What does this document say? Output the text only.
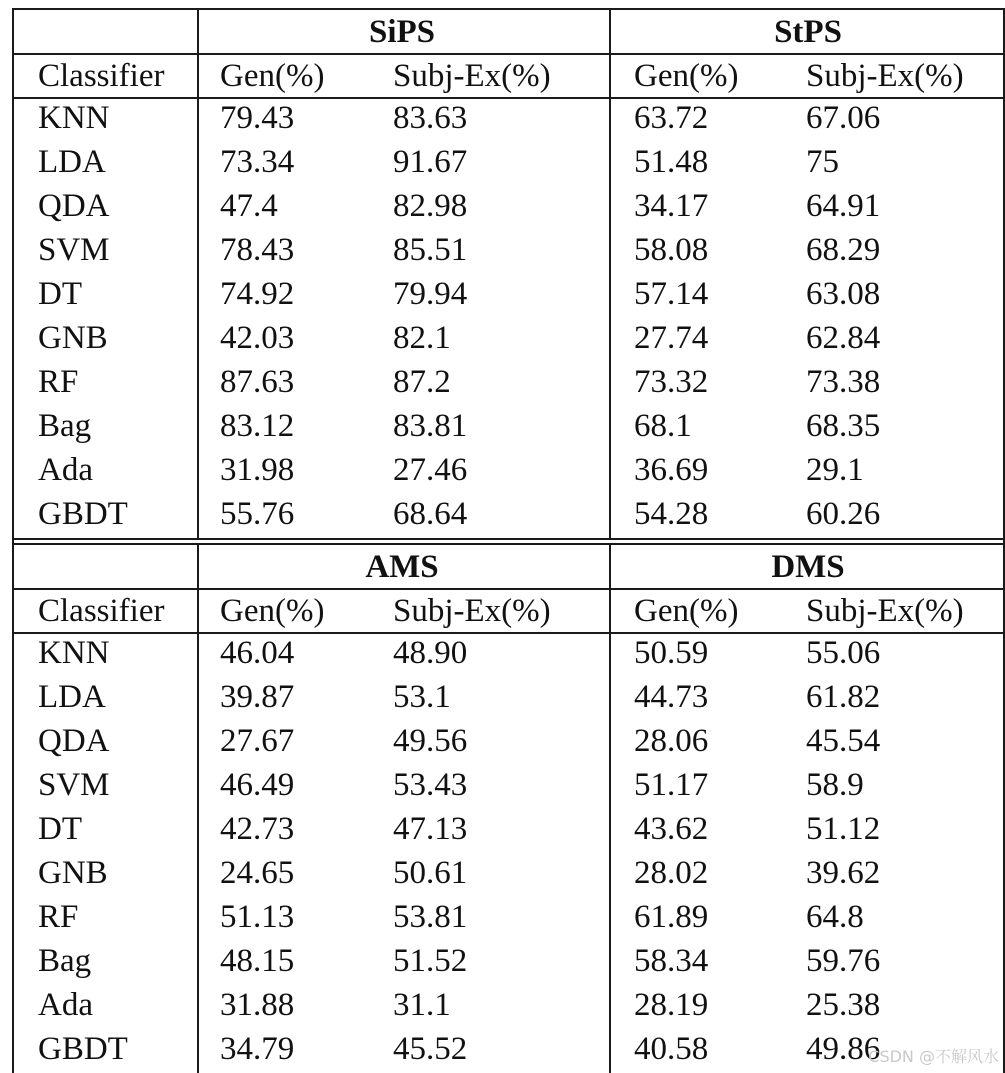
SiPS	StPS
Classifier Gen(%) Subj-Ex(%)	Gen(%) Subj-Ex(%)
KNN	79.43	83.63	63.72	67.06
LDA	73.34	91.67	51.48	75
QDA	47.4	82.98	34.17	64.91
SVM	78.43	85.51	58.08	68.29
DT	74.92	79.94	57.14	63.08
GNB	42.03	82.1	27.74	62.84
RF	87.63	87.2	73.32	73.38
Bag	83.12	83.81	68.1	68.35
Ada	31.98	27.46	36.69	29.1
GBDT	55.76	68.64	54.28	60.26
AMS	DMS
Classifier Gen(%) Subj-Ex(%)	Gen(%) Subj-Ex(%)
KNN	46.04	48.90	50.59	55.06
LDA	39.87	53.1	44.73	61.82
QDA	27.67	49.56	28.06	45.54
SVM	46.49	53.43	51.17	58.9
DT	42.73	47.13	43.62	51.12
GNB	24.65	50.61	28.02	39.62
RF	51.13	53.81	61.89	64.8
Bag	48.15	51.52	58.34	59.76
Ada	31.88	31.1	28.19	25.38
GBDT	34.79	45.52	40.58	49.86
CSDN @不解风水
